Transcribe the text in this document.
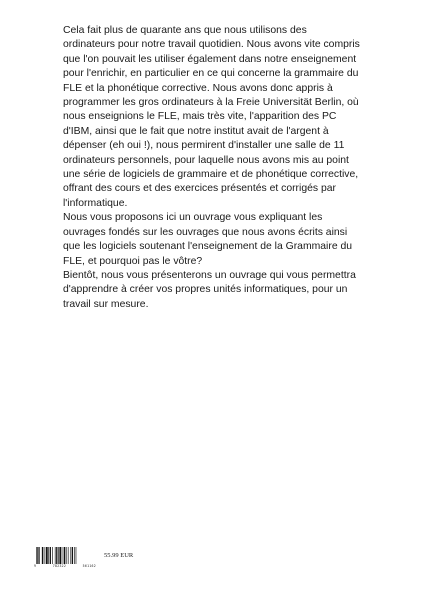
Cela fait plus de quarante ans que nous utilisons des ordinateurs pour notre travail quotidien. Nous avons vite compris que l'on pouvait les utiliser également dans notre enseignement pour l'enrichir, en particulier en ce qui concerne la grammaire du FLE et la phonétique corrective. Nous avons donc appris à programmer les gros ordinateurs à la Freie Universität Berlin, où nous enseignions le FLE, mais très vite, l'apparition des PC d'IBM, ainsi que le fait que notre institut avait de l'argent à dépenser (eh oui !), nous permirent d'installer une salle de 11 ordinateurs personnels, pour laquelle nous avons mis au point une série de logiciels de grammaire et de phonétique corrective, offrant des cours et des exercices présentés et corrigés par l'informatique.

Nous vous proposons ici un ouvrage vous expliquant les ouvrages fondés sur les ouvrages que nous avons écrits ainsi que les logiciels soutenant l'enseignement de la Grammaire du FLE, et pourquoi pas le vôtre?

Bientôt, nous vous présenterons un ouvrage qui vous permettra d'apprendre à créer vos propres unités informatiques, pour un travail sur mesure.

9	782322	561162
55.99 EUR
